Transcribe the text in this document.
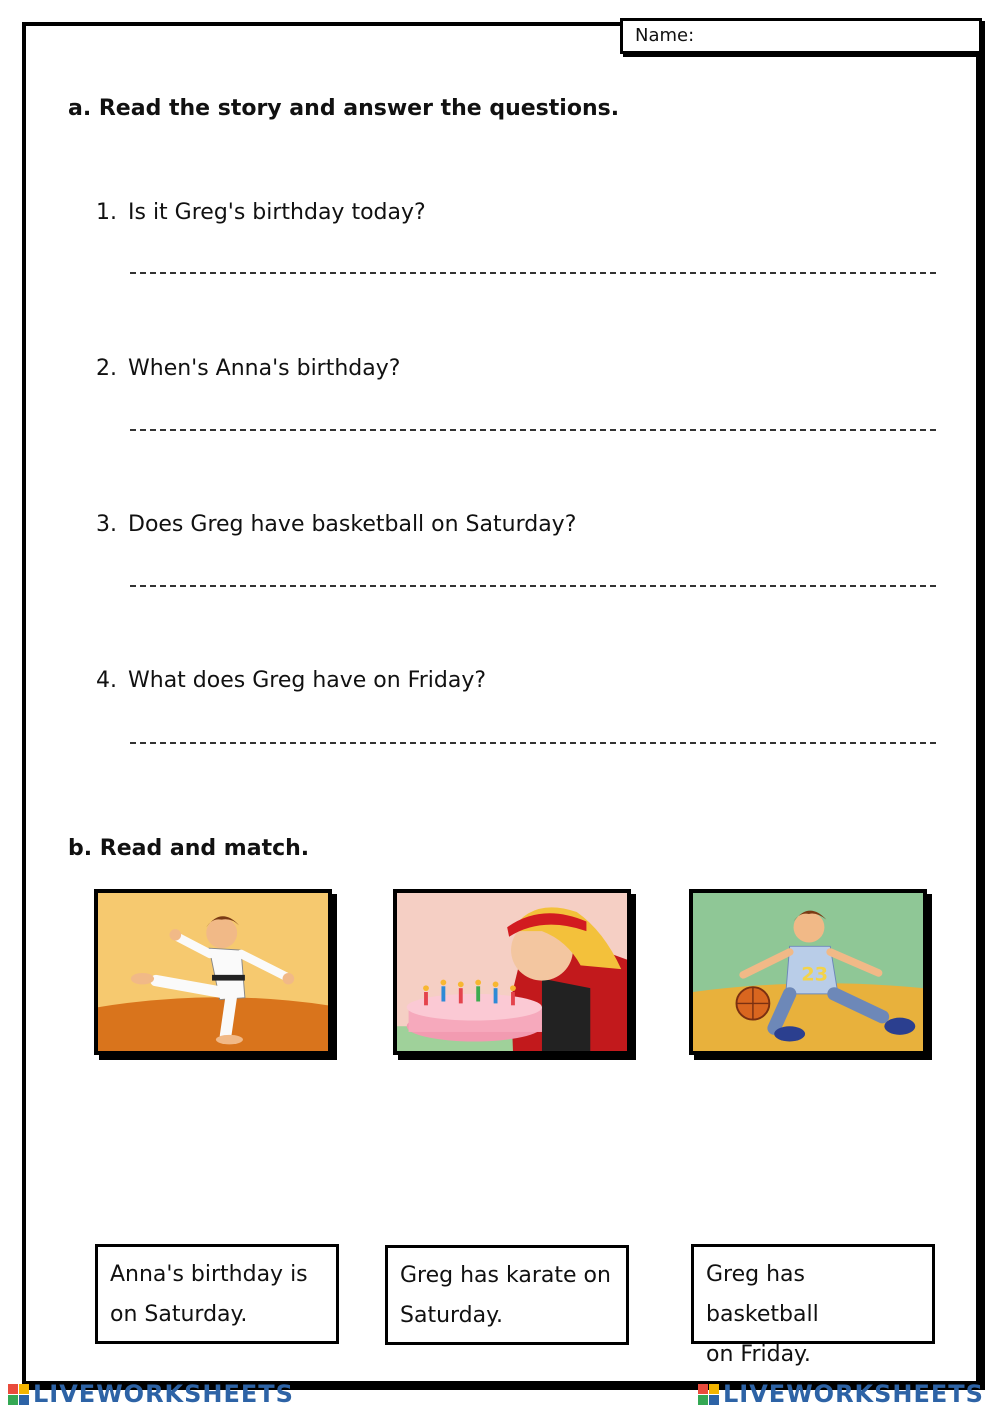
Name:
a. Read the story and answer the questions.
1. Is it Greg's birthday today?
2. When's Anna's birthday?
3. Does Greg have basketball on Saturday?
4. What does Greg have on Friday?
b. Read and match.
23
Anna's birthday is
on Saturday.
Greg has karate on
Saturday.
Greg has basketball
on Friday.
LIVEWORKSHEETS	LIVEWORKSHEETS
